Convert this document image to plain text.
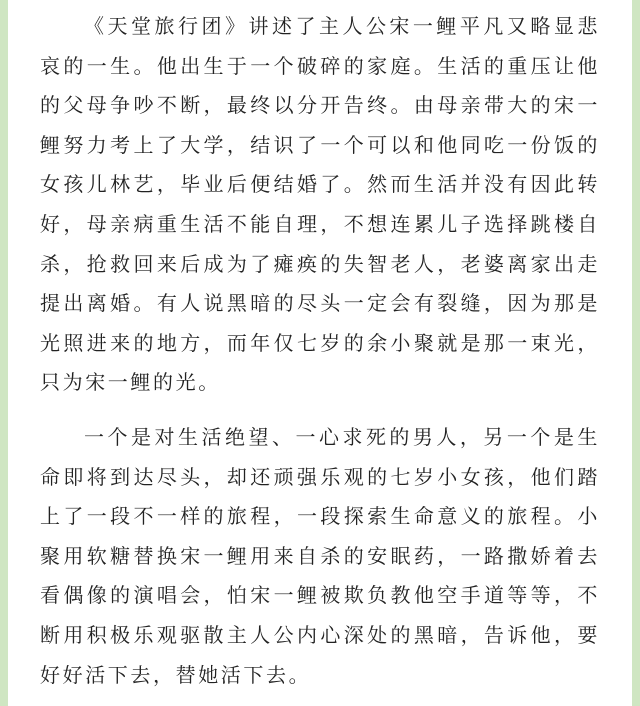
《天堂旅行团》讲述了主人公宋一鲤平凡又略显悲哀的一生。他出生于一个破碎的家庭。生活的重压让他的父母争吵不断，最终以分开告终。由母亲带大的宋一鲤努力考上了大学，结识了一个可以和他同吃一份饭的女孩儿林艺，毕业后便结婚了。然而生活并没有因此转好，母亲病重生活不能自理，不想连累儿子选择跳楼自杀，抢救回来后成为了瘫痪的失智老人，老婆离家出走提出离婚。有人说黑暗的尽头一定会有裂缝，因为那是光照进来的地方，而年仅七岁的余小聚就是那一束光，只为宋一鲤的光。

一个是对生活绝望、一心求死的男人，另一个是生命即将到达尽头，却还顽强乐观的七岁小女孩，他们踏上了一段不一样的旅程，一段探索生命意义的旅程。小聚用软糖替换宋一鲤用来自杀的安眠药，一路撒娇着去看偶像的演唱会，怕宋一鲤被欺负教他空手道等等，不断用积极乐观驱散主人公内心深处的黑暗，告诉他，要好好活下去，替她活下去。
